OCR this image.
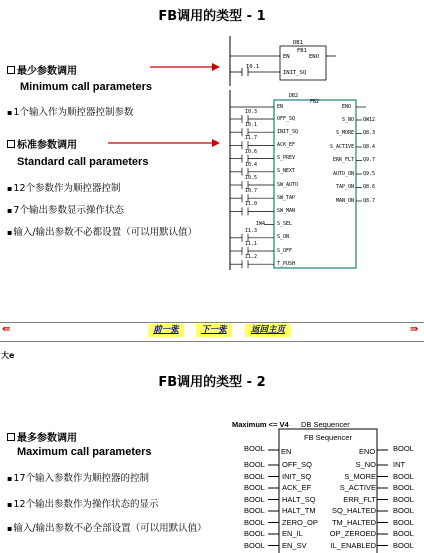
FB调用的类型 - 1
最少参数调用
Minimum call parameters
▪ 1个输入作为顺控器控制参数
标准参数调用
Standard call parameters
▪ 12个参数作为顺控器控制
▪ 7个输出参数显示操作状态
▪ 输入/输出参数不必都设置（可以用默认值）
DB1
FB1
EN	ENO
I0.1
INIT_SQ
DB2
FB2
EN	ENO
I0.3
OFF_SQ
I0.1
INIT_SQ
I1.7
ACK_EF
I0.6
S_PREV
I0.4
S_NEXT
I0.5
SW_AUTO
I0.7
SW_TAP
I1.0
SW_MAN
IW4 S_SEL
I1.3
S_ON
I1.1
S_OFF
I1.2
T_PUSH
S_NO QW12
S_MORE Q8.3
S_ACTIVE Q8.4
ERR_FLT Q9.7
AUTO_ON Q9.5
TAP_ON Q8.6
MAN_ON Q8.7
⇚	前一张	下一张	返回主页	⇛
大e
FB调用的类型 - 2
最多参数调用
Maximum call parameters
▪ 17个输入参数作为顺控器的控制
▪ 12个输出参数作为操作状态的显示
▪ 输入/输出参数不必全部设置（可以用默认值）
Maximum <= V4 DB Sequencer
FB Sequencer
EN	ENO
BOOL	BOOL
BOOL OFF_SQ
BOOL INIT_SQ
BOOL ACK_EF
BOOL HALT_SQ
BOOL HALT_TM
BOOL ZERO_OP
BOOL EN_IL
BOOL EN_SV
S_NO INT
S_MORE BOOL
S_ACTIVE BOOL
ERR_FLT BOOL
SQ_HALTED BOOL
TM_HALTED BOOL
OP_ZEROED BOOL
IL_ENABLED BOOL
